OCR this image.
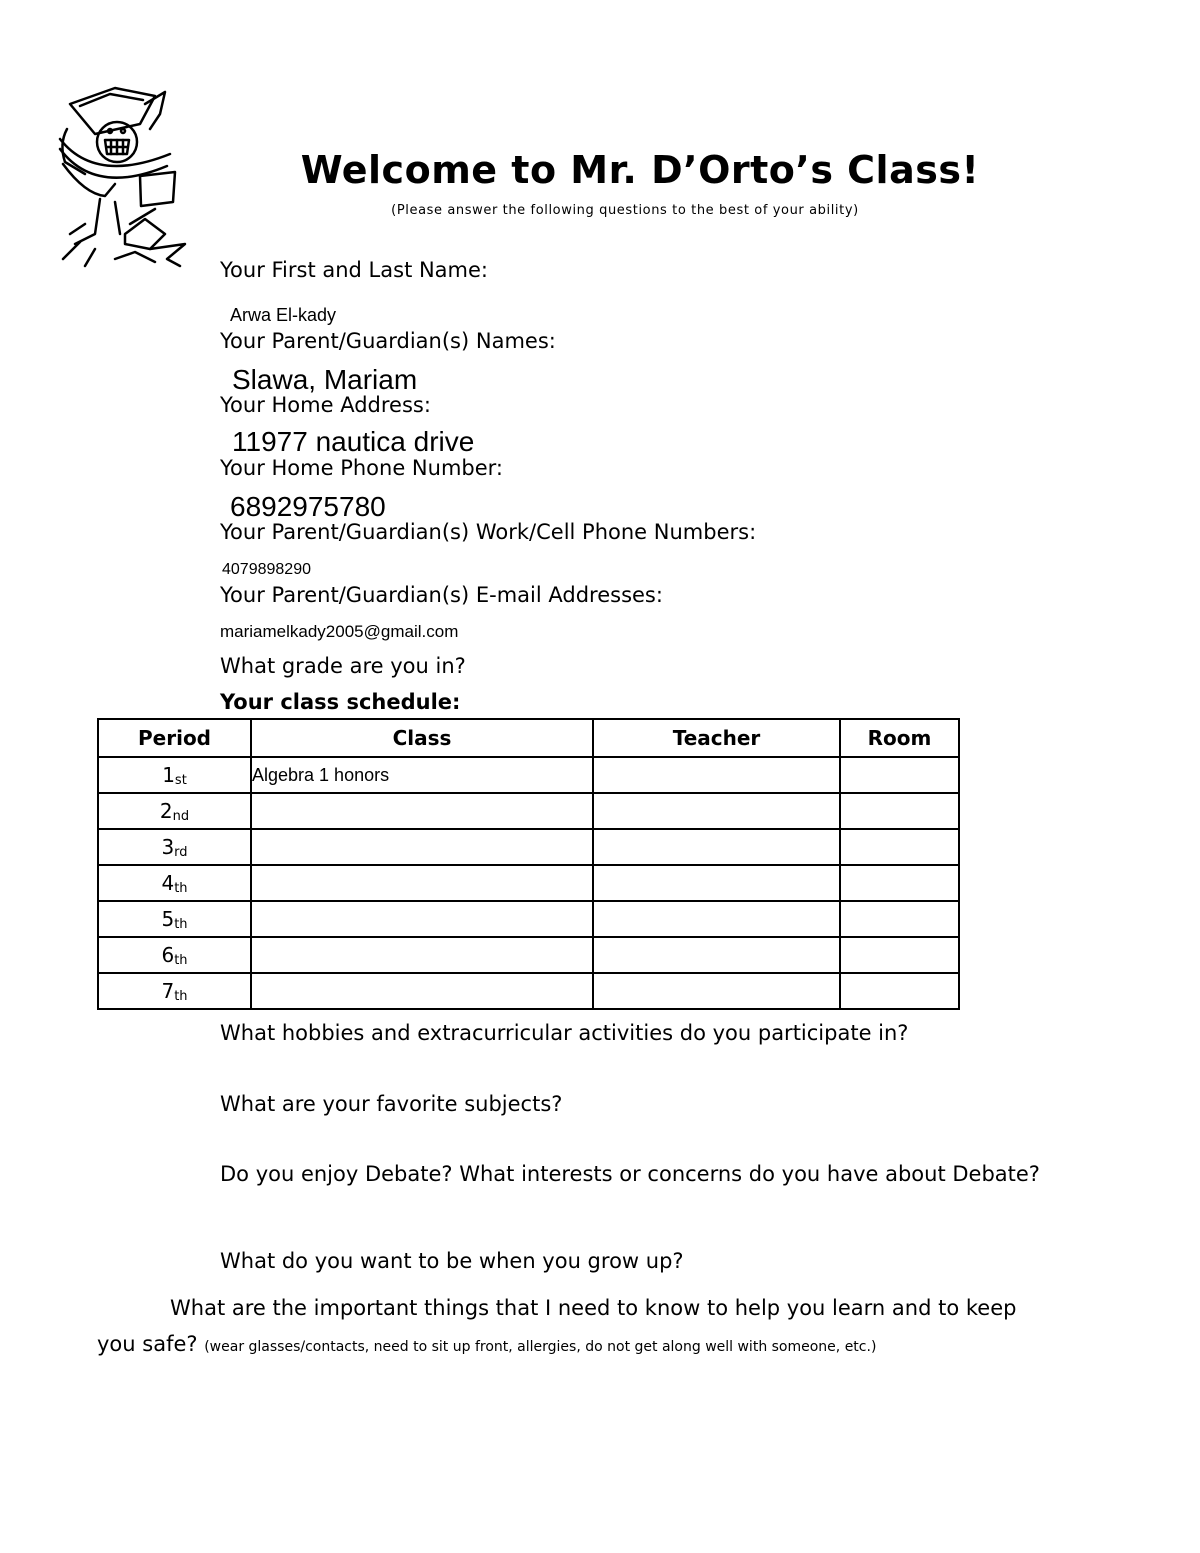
Welcome to Mr. D’Orto’s Class!
(Please answer the following questions to the best of your ability)
Your First and Last Name:
Arwa El-kady
Your Parent/Guardian(s) Names:
Slawa, Mariam
Your Home Address:
11977 nautica drive
Your Home Phone Number:
6892975780
Your Parent/Guardian(s) Work/Cell Phone Numbers:
4079898290
Your Parent/Guardian(s) E-mail Addresses:
mariamelkady2005@gmail.com
What grade are you in?
Your class schedule:
Period	Class	Teacher	Room
$1_{st}$	Algebra 1 honors		
$2_{nd}$			
$3_{rd}$			
$4_{th}$			
$5_{th}$			
$6_{th}$			
$7_{th}$			
What hobbies and extracurricular activities do you participate in?
What are your favorite subjects?
Do you enjoy Debate? What interests or concerns do you have about Debate?
What do you want to be when you grow up?
What are the important things that I need to know to help you learn and to keep
you safe? (wear glasses/contacts, need to sit up front, allergies, do not get along well with someone, etc.)
